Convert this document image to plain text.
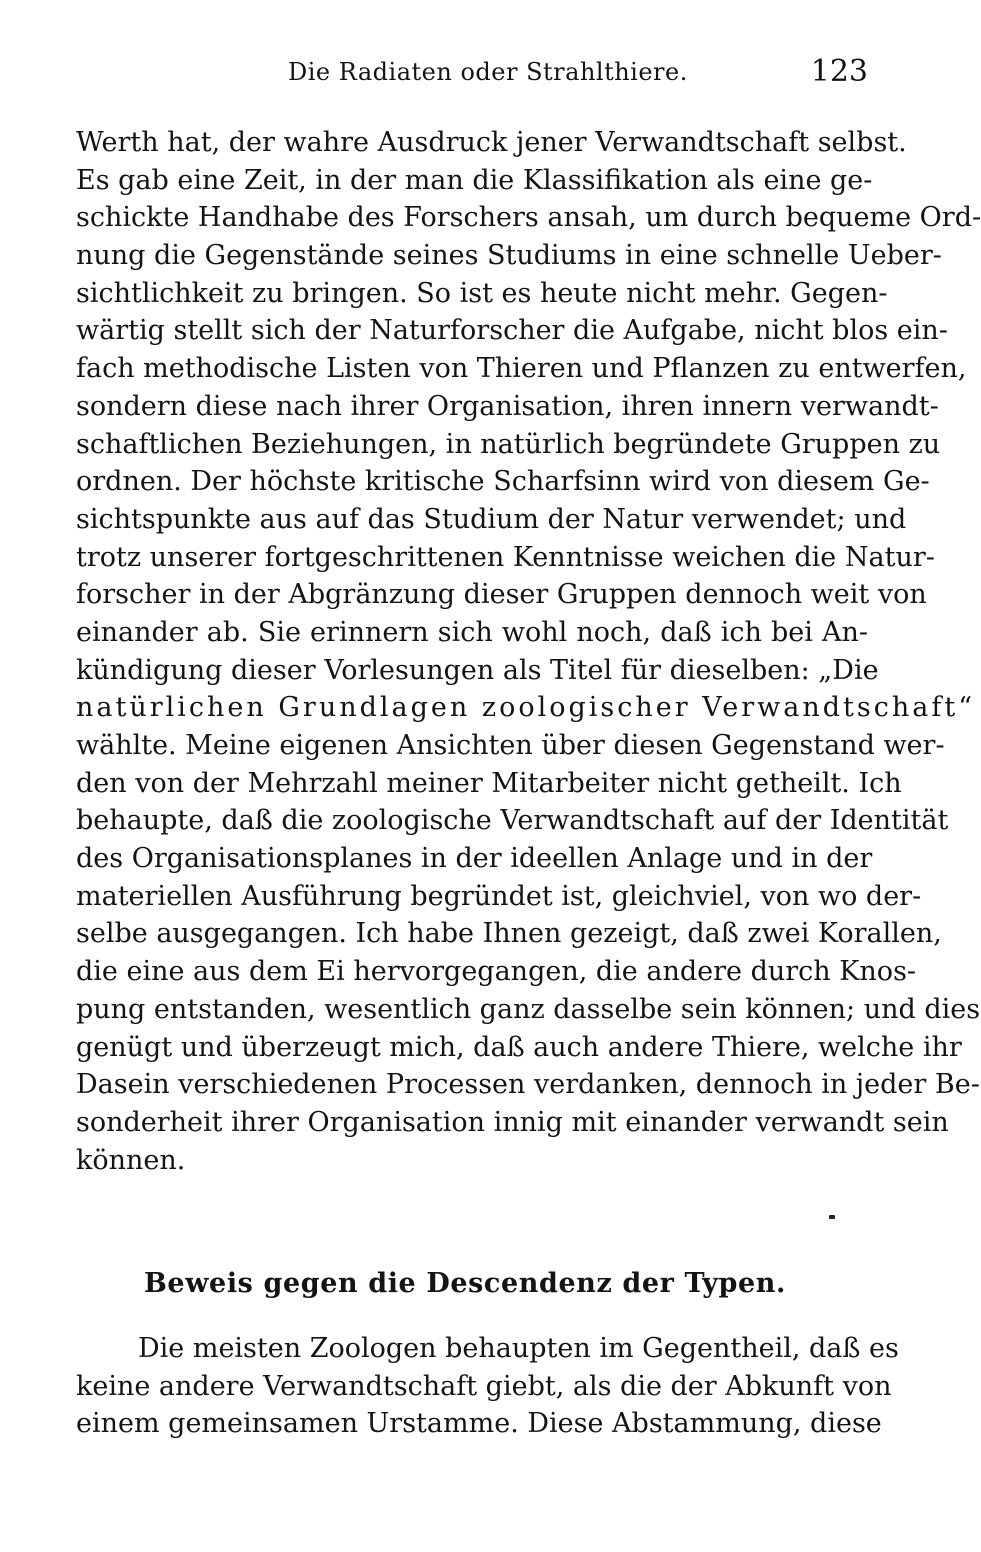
Die Radiaten oder Strahlthiere.	123
Werth hat, der wahre Ausdruck jener Verwandtschaft selbst.
Es gab eine Zeit, in der man die Klassifikation als eine ge-
schickte Handhabe des Forschers ansah, um durch bequeme Ord-
nung die Gegenstände seines Studiums in eine schnelle Ueber-
sichtlichkeit zu bringen. So ist es heute nicht mehr. Gegen-
wärtig stellt sich der Naturforscher die Aufgabe, nicht blos ein-
fach methodische Listen von Thieren und Pflanzen zu entwerfen,
sondern diese nach ihrer Organisation, ihren innern verwandt-
schaftlichen Beziehungen, in natürlich begründete Gruppen zu
ordnen. Der höchste kritische Scharfsinn wird von diesem Ge-
sichtspunkte aus auf das Studium der Natur verwendet; und
trotz unserer fortgeschrittenen Kenntnisse weichen die Natur-
forscher in der Abgränzung dieser Gruppen dennoch weit von
einander ab. Sie erinnern sich wohl noch, daß ich bei An-
kündigung dieser Vorlesungen als Titel für dieselben: „Die
natürlichen Grundlagen zoologischer Verwandtschaft“
wählte. Meine eigenen Ansichten über diesen Gegenstand wer-
den von der Mehrzahl meiner Mitarbeiter nicht getheilt. Ich
behaupte, daß die zoologische Verwandtschaft auf der Identität
des Organisationsplanes in der ideellen Anlage und in der
materiellen Ausführung begründet ist, gleichviel, von wo der-
selbe ausgegangen. Ich habe Ihnen gezeigt, daß zwei Korallen,
die eine aus dem Ei hervorgegangen, die andere durch Knos-
pung entstanden, wesentlich ganz dasselbe sein können; und dies
genügt und überzeugt mich, daß auch andere Thiere, welche ihr
Dasein verschiedenen Processen verdanken, dennoch in jeder Be-
sonderheit ihrer Organisation innig mit einander verwandt sein
können.
Beweis gegen die Descendenz der Typen.
Die meisten Zoologen behaupten im Gegentheil, daß es
keine andere Verwandtschaft giebt, als die der Abkunft von
einem gemeinsamen Urstamme. Diese Abstammung, diese
